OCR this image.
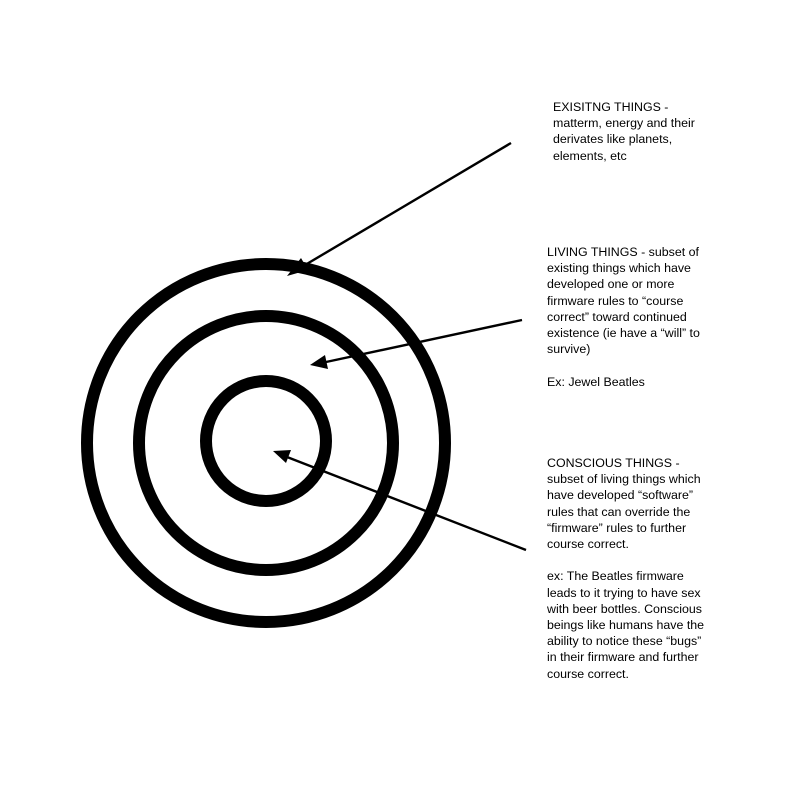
EXISITNG THINGS -
matterm, energy and their
derivates like planets,
elements, etc

LIVING THINGS - subset of
existing things which have
developed one or more
firmware rules to “course
correct” toward continued
existence (ie have a “will” to
survive)

Ex: Jewel Beatles

CONSCIOUS THINGS -
subset of living things which
have developed “software”
rules that can override the
“firmware” rules to further
course correct.

ex: The Beatles firmware
leads to it trying to have sex
with beer bottles. Conscious
beings like humans have the
ability to notice these “bugs”
in their firmware and further
course correct.
